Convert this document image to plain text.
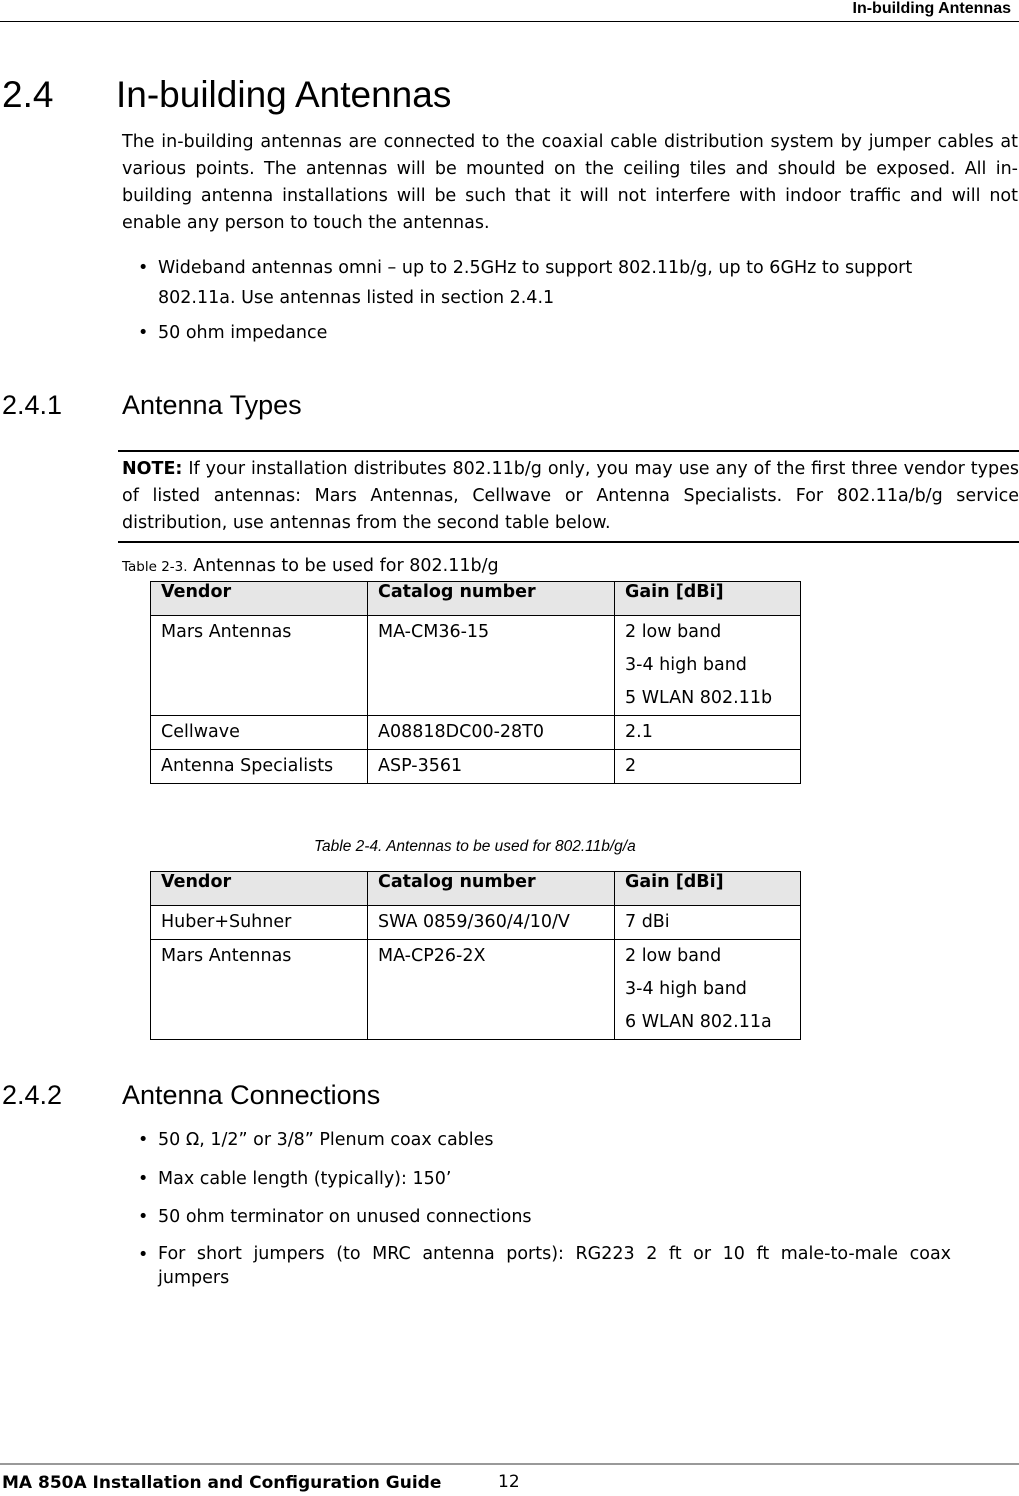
In-building Antennas
2.4 In-building Antennas
The in-building antennas are connected to the coaxial cable distribution system by jumper cables at various points. The antennas will be mounted on the ceiling tiles and should be exposed. All in-building antenna installations will be such that it will not interfere with indoor traffic and will not enable any person to touch the antennas.
• Wideband antennas omni – up to 2.5GHz to support 802.11b/g, up to 6GHz to support
802.11a. Use antennas listed in section 2.4.1
• 50 ohm impedance
2.4.1 Antenna Types
NOTE: If your installation distributes 802.11b/g only, you may use any of the first three vendor types of listed antennas: Mars Antennas, Cellwave or Antenna Specialists. For 802.11a/b/g service distribution, use antennas from the second table below.
Table 2-3. Antennas to be used for 802.11b/g
Vendor	Catalog number	Gain [dBi]
Mars Antennas	MA-CM36-15	2 low band
3-4 high band
5 WLAN 802.11b

Cellwave	A08818DC00-28T0	2.1
Antenna Specialists	ASP-3561	2
Table 2-4. Antennas to be used for 802.11b/g/a
Vendor	Catalog number	Gain [dBi]
Huber+Suhner	SWA 0859/360/4/10/V	7 dBi
Mars Antennas	MA-CP26-2X	2 low band
3-4 high band
6 WLAN 802.11a
2.4.2 Antenna Connections
• 50 Ω, 1/2” or 3/8” Plenum coax cables
• Max cable length (typically): 150’
• 50 ohm terminator on unused connections
• For short jumpers (to MRC antenna ports): RG223 2 ft or 10 ft male-to-male coax
jumpers
MA 850A Installation and Configuration Guide	12
